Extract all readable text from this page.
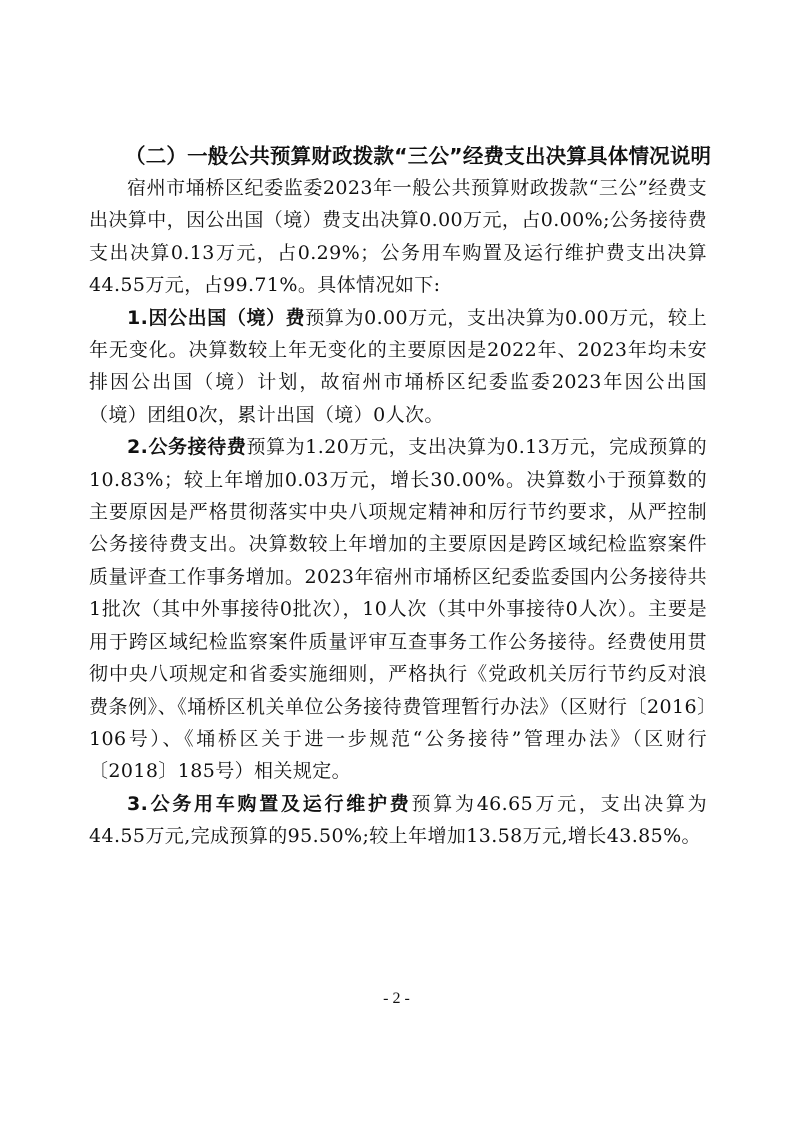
（二）一般公共预算财政拨款“三公”经费支出决算具体情况说明

宿州市埇桥区纪委监委2023年一般公共预算财政拨款“三公”经费支出决算中，因公出国（境）费支出决算0.00万元，占0.00%;公务接待费支出决算0.13万元，占0.29%；公务用车购置及运行维护费支出决算44.55万元，占99.71%。具体情况如下:

1.因公出国（境）费预算为0.00万元，支出决算为0.00万元，较上年无变化。决算数较上年无变化的主要原因是2022年、2023年均未安排因公出国（境）计划，故宿州市埇桥区纪委监委2023年因公出国（境）团组0次，累计出国（境）0人次。

2.公务接待费预算为1.20万元，支出决算为0.13万元，完成预算的10.83%；较上年增加0.03万元，增长30.00%。决算数小于预算数的主要原因是严格贯彻落实中央八项规定精神和厉行节约要求，从严控制公务接待费支出。决算数较上年增加的主要原因是跨区域纪检监察案件质量评查工作事务增加。2023年宿州市埇桥区纪委监委国内公务接待共1批次（其中外事接待0批次），10人次（其中外事接待0人次）。主要是用于跨区域纪检监察案件质量评审互查事务工作公务接待。经费使用贯彻中央八项规定和省委实施细则，严格执行《党政机关厉行节约反对浪费条例》、《埇桥区机关单位公务接待费管理暂行办法》（区财行〔2016〕106号）、《埇桥区关于进一步规范“公务接待”管理办法》（区财行〔2018〕185号）相关规定。

3.公务用车购置及运行维护费预算为46.65万元，支出决算为44.55万元,完成预算的95.50%;较上年增加13.58万元,增长43.85%。

- 2 -
